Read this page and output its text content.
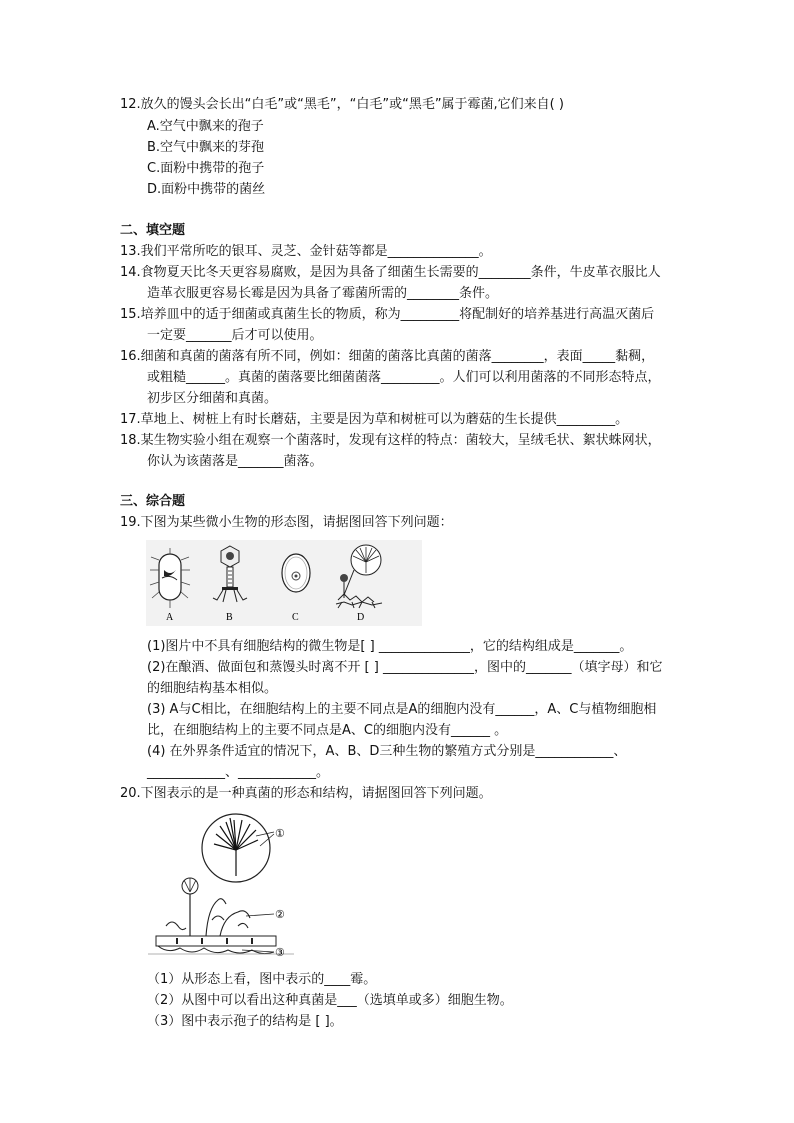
12.放久的馒头会长出“白毛”或“黑毛”，“白毛”或“黑毛”属于霉菌,它们来自( )
A.空气中飘来的孢子
B.空气中飘来的芽孢
C.面粉中携带的孢子
D.面粉中携带的菌丝
二、填空题
13.我们平常所吃的银耳、灵芝、金针菇等都是______________。
14.食物夏天比冬天更容易腐败，是因为具备了细菌生长需要的________条件，牛皮革衣服比人
造革衣服更容易长霉是因为具备了霉菌所需的________条件。
15.培养皿中的适于细菌或真菌生长的物质，称为_________将配制好的培养基进行高温灭菌后
一定要_______后才可以使用。
16.细菌和真菌的菌落有所不同，例如：细菌的菌落比真菌的菌落________，表面_____黏稠，
或粗糙______。真菌的菌落要比细菌菌落_________。人们可以利用菌落的不同形态特点，
初步区分细菌和真菌。
17.草地上、树桩上有时长蘑菇，主要是因为草和树桩可以为蘑菇的生长提供_________。
18.某生物实验小组在观察一个菌落时，发现有这样的特点：菌较大，呈绒毛状、絮状蛛网状，
你认为该菌落是_______菌落。
三、综合题
19.下图为某些微小生物的形态图，请据图回答下列问题：
A	B	C	D
(1)图片中不具有细胞结构的微生物是[ ] ______________，它的结构组成是_______。
(2)在酿酒、做面包和蒸馒头时离不开 [ ] ______________，图中的_______（填字母）和它
的细胞结构基本相似。
(3) A与C相比，在细胞结构上的主要不同点是A的细胞内没有______，A、C与植物细胞相
比，在细胞结构上的主要不同点是A、C的细胞内没有______ 。
(4) 在外界条件适宜的情况下，A、B、D三种生物的繁殖方式分别是____________、
____________、____________。
20.下图表示的是一种真菌的形态和结构，请据图回答下列问题。
①
②
③
（1）从形态上看，图中表示的____霉。
（2）从图中可以看出这种真菌是___（选填单或多）细胞生物。
（3）图中表示孢子的结构是 [ ]。
